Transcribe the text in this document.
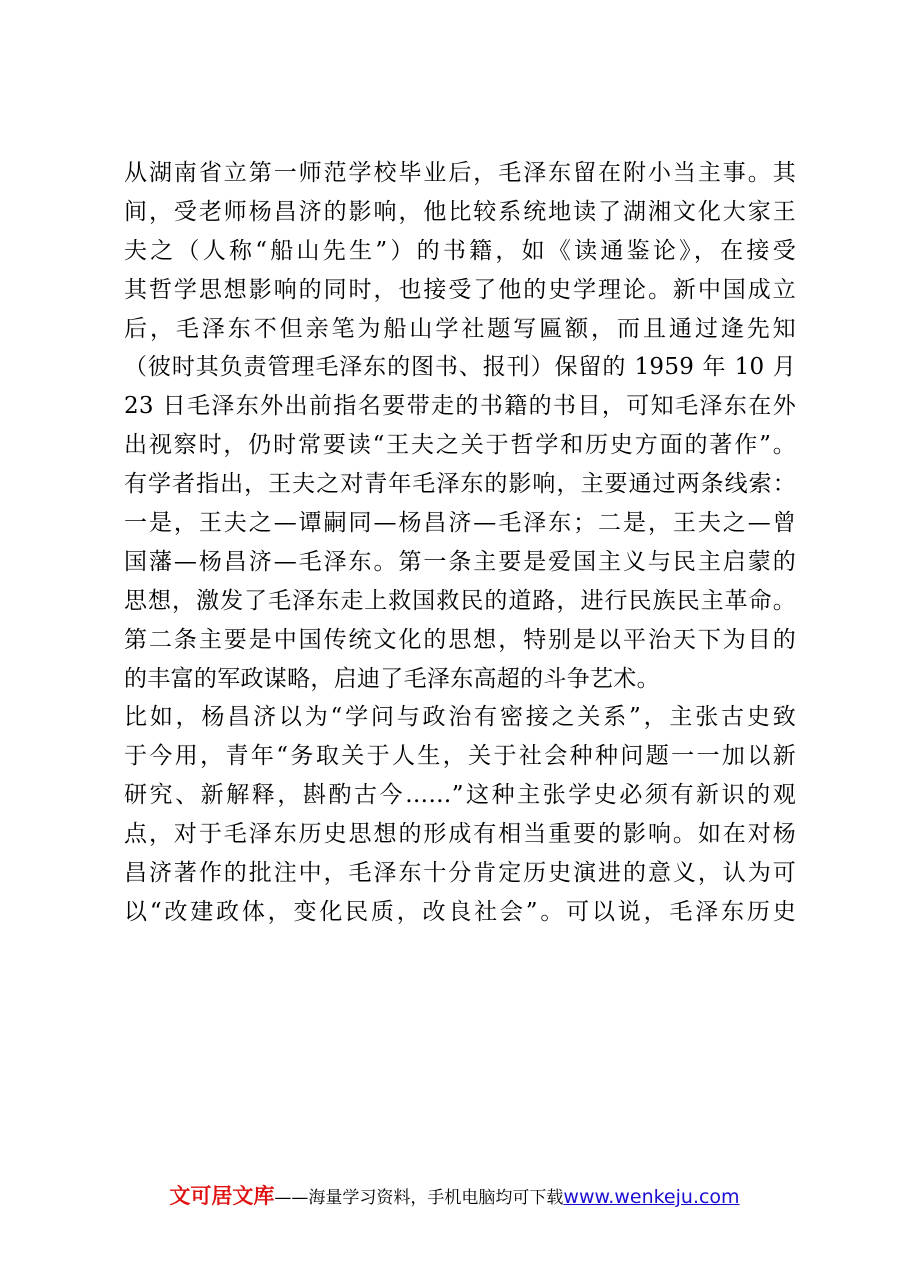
从湖南省立第一师范学校毕业后，毛泽东留在附小当主事。其
间，受老师杨昌济的影响，他比较系统地读了湖湘文化大家王
夫之（人称“船山先生”）的书籍，如《读通鉴论》，在接受
其哲学思想影响的同时，也接受了他的史学理论。新中国成立
后，毛泽东不但亲笔为船山学社题写匾额，而且通过逄先知
（彼时其负责管理毛泽东的图书、报刊）保留的 1959 年 10 月
23 日毛泽东外出前指名要带走的书籍的书目，可知毛泽东在外
出视察时，仍时常要读“王夫之关于哲学和历史方面的著作”。
有学者指出，王夫之对青年毛泽东的影响，主要通过两条线索：
一是，王夫之—谭嗣同—杨昌济—毛泽东；二是，王夫之—曾
国藩—杨昌济—毛泽东。第一条主要是爱国主义与民主启蒙的
思想，激发了毛泽东走上救国救民的道路，进行民族民主革命。
第二条主要是中国传统文化的思想，特别是以平治天下为目的
的丰富的军政谋略，启迪了毛泽东高超的斗争艺术。
比如，杨昌济以为“学问与政治有密接之关系”，主张古史致
于今用，青年“务取关于人生，关于社会种种问题一一加以新
研究、新解释，斟酌古今……”这种主张学史必须有新识的观
点，对于毛泽东历史思想的形成有相当重要的影响。如在对杨
昌济著作的批注中，毛泽东十分肯定历史演进的意义，认为可
以“改建政体，变化民质，改良社会”。可以说，毛泽东历史
文可居文库——海量学习资料，手机电脑均可下载www.wenkeju.com
